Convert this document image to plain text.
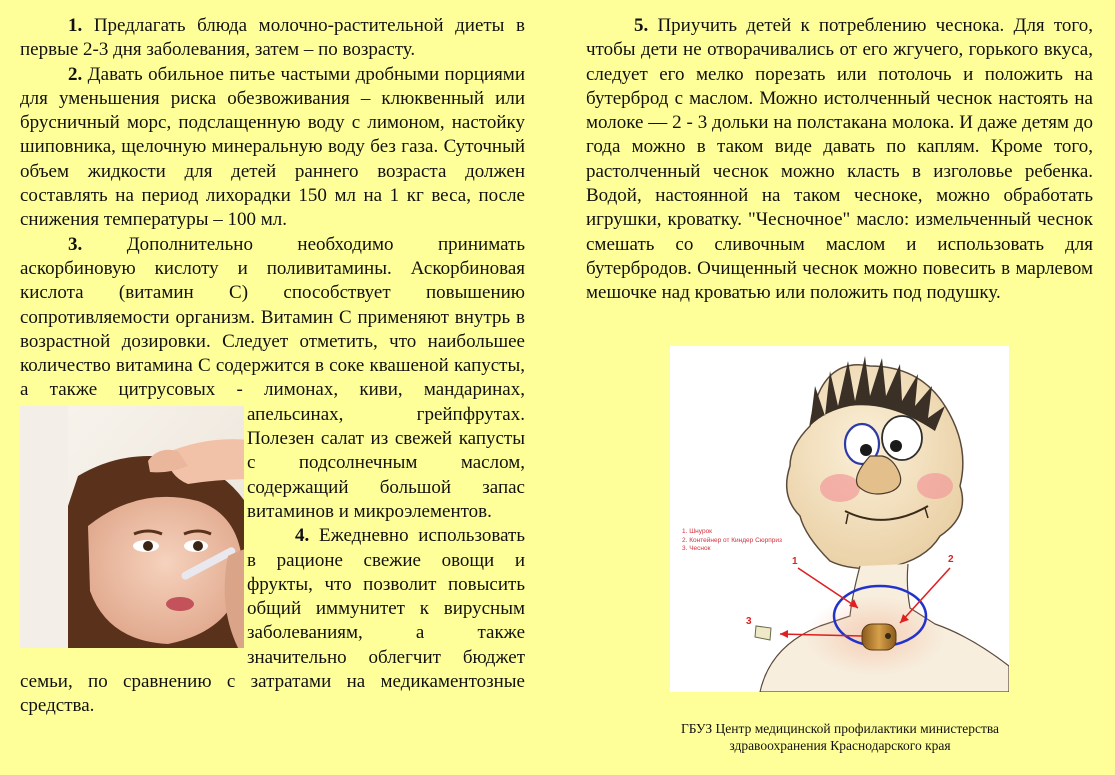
1. Предлагать блюда молочно-растительной диеты в первые 2-3 дня заболевания, затем – по возрасту.

2. Давать обильное питье частыми дробными порциями для уменьшения риска обезвоживания – клюквенный или брусничный морс, подслащенную воду с лимоном, настойку шиповника, щелочную минеральную воду без газа. Суточный объем жидкости для детей раннего возраста должен составлять на период лихорадки 150 мл на 1 кг веса, после снижения температуры – 100 мл.

3. Дополнительно необходимо принимать аскорбиновую кислоту и поливитамины. Аскорбиновая кислота (витамин С) способствует повышению сопротивляемости организм. Витамин С применяют внутрь в возрастной дозировки. Следует отметить, что наибольшее количество витамина С содержится в соке квашеной капусты, а также цитрусовых - лимонах, киви,
мандаринах, апельсинах, грейпфрутах. Полезен салат из свежей капусты с подсолнечным маслом, содержащий большой запас витаминов и микроэлементов.

4. Ежедневно использовать в рационе свежие овощи и фрукты, что позволит повысить общий иммунитет к вирусным заболеваниям, а также значительно облегчит бюджет семьи, по сравнению с затратами на медикаментозные средства.

5. Приучить детей к потреблению чеснока. Для того, чтобы дети не отворачивались от его жгучего, горького вкуса, следует его мелко порезать или потолочь и положить на бутерброд с маслом. Можно истолченный чеснок настоять на молоке — 2 - 3 дольки на полстакана молока. И даже детям до года можно в таком виде давать по каплям. Кроме того, растолченный чеснок можно класть в изголовье ребенка. Водой, настоянной на таком чесноке, можно обработать игрушки, кроватку. "Чесночное" масло: измельченный чеснок смешать со сливочным маслом и использовать для бутербродов. Очищенный чеснок можно повесить в марлевом мешочке над кроватью или положить под подушку.

1. Шнурок
2. Контейнер от Киндер Сюрприз
3. Чеснок
1	2
3
ГБУЗ Центр медицинской профилактики министерства
здравоохранения Краснодарского края
